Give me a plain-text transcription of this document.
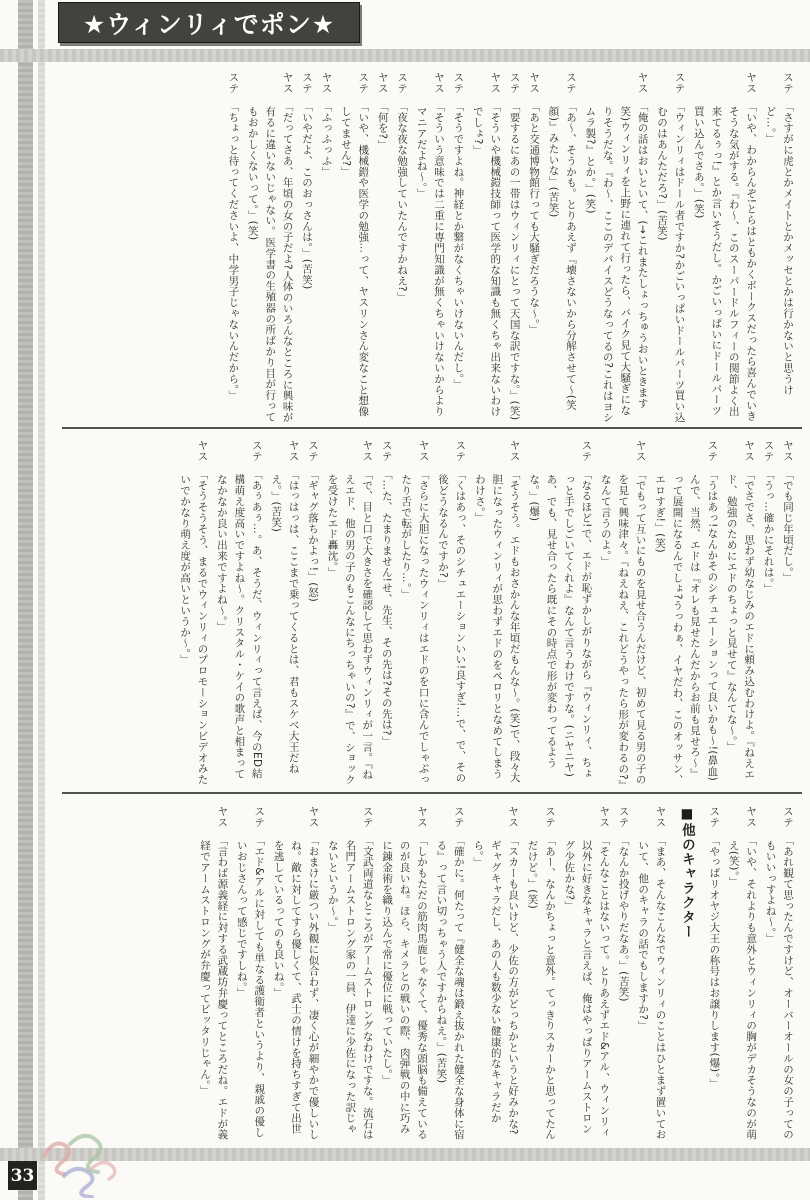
★ウィンリィでポン★

ステ「さすがに虎とかメイトとかメッセとかは行かないと思うけど…。」

ヤス「いや、わからんぞ!とらはともかくボークスだったら喜んでいきそうな気がする。『わ〜、このスーパードルフィーの関節よく出来てるぅっ!』とか言いそうだし。かごいっぱいにドールパーツ買い込んでさあ。」(笑)

ステ「ウィンリィはドール者ですか?かごいっぱいドールパーツ買い込むのはあんただろ?」(苦笑)

ヤス「俺の話はおいといて、(→これまたしょっちゅうおいときます 笑)ウィンリィを上野に連れて行ったら、バイク見て大騒ぎになりそうだな。『わ〜、ここのデバイスどうなってるの?これはヨシムラ製?』とか。」(笑)

ステ「あ〜、そうかも。とりあえず『壊さないから分解させて〜(笑顔)』みたいな」(苦笑)

ヤス「あと交通博物館行っても大騒ぎだろうな〜。」

ステ「要するにあの一帯はウィンリィにとって天国な訳ですな。」(笑)

ヤス「そういや機械鎧技師って医学的な知識も無くちゃ出来ないわけでしょ?」

ステ「そうですよね。神経とか繋がなくちゃいけないんだし。」

ヤス「そういう意味では二重に専門知識が無くちゃいけないからよりマニアだよね〜。」

ステ「夜な夜な勉強していたんですかねえ?」

ヤス「何を?」

ステ「いや、機械鎧や医学の勉強…って、ヤスリンさん変なこと想像してません?」

ヤス「ふっふっふ」

ステ「いやだよ、このおっさんは。」(苦笑)

ヤス「だってさあ、年頃の女の子だよ?人体のいろんなところに興味が有るに違いないじゃない。医学書の生殖器の所ばかり目が行ってもおかしくないって。」(笑)

ステ「ちょっと待ってくださいよ、中学男子じゃないんだから。」

ヤス「でも同じ年頃だし。」

ステ「うっ…確かにそれは。」

ヤス「でさでさ、思わず幼なじみのエドに頼み込むわけよ。『ねえエド、勉強のためにエドのちょっと見せて』なんてな〜。」

ステ「うはあっ!なんかそのシチュエーションって良いかも〜!(鼻血)んで、当然、エドは『オレも見せたんだからお前も見せろ〜』って展開になるんでしょ?うっわぁ、イヤだわ、このオッサン、エロすぎ!」(笑)

ヤス「でもって互いにものを見せ合うんだけど、初めて見る男の子のを見て興味津々。『ねえねえ、これどうやったら形が変わるの?』なんて言うのよ。」

ステ「なるほど!で、エドが恥ずかしがりながら『ウィンリィ、ちょっと手でしごいてくれよ』なんて言うわけですな。(ニヤニヤ)あ、でも、見せ合ったら既にその時点で形が変わってるような。」(爆)

ヤス「そうそう。エドもおさかんな年頃だもんな〜。(笑)で、段々大胆になったウィンリィが思わずエドのをペロリとなめてしまうわけさ。」

ステ「くはあっ、そのシチュエーションいい!良すぎ!…で、で、その後どうなるんですか?」

ヤス「さらに大胆になったウィンリィはエドのを口に含んでしゃぶったり舌で転がしたり…。」

ステ「…た、たまりません!せ、先生、その先は?その先は?」

ヤス「で、目と口で大きさを確認して思わずウィンリィが一言。『ねえエド、他の男の子のもこんなにちっちゃいの?』で、ショックを受けたエド轟沈。」

ステ「ギャグ落ちかよっ!」(怒)

ヤス「はっはっは、ここまで乗ってくるとは、君もスケベ大王だねえ。」(苦笑)

ステ「あぅあぅ…。あ、そうだ、ウィンリィって言えば、今のED結構萌え度高いですよね〜。クリスタル・ケイの歌声と相まってなかなか良い出来ですよね〜。」

ヤス「そうそうそう、まるでウィンリィのプロモーションビデオみたいでかなり萌え度が高いというか〜。」

ステ「あれ観て思ったんですけど、オーバーオールの女の子ってのもいいっすよね〜。」

ヤス「いや、それよりも意外とウィンリィの胸がデカそうなのが萌え(笑)。」

ステ「やっぱリオヤジ大王の称号はお譲りします(爆)。」

■他のキャラクター

ヤス「まあ、そんなこんなでウィンリィのことはひとまず置いておいて、他のキャラの話でもしますか?」

ステ「なんか投げやりだなあ。」(苦笑)

ヤス「そんなことはないって。とりあえずエド&アル、ウィンリィ以外に好きなキャラと言えば、俺はやっぱりアームストロング少佐かな?」

ステ「あー、なんかちょっと意外。てっきりスカーかと思ってたんだけど。」(笑)

ヤス「スカーも良いけど、少佐の方がどっちかというと好みかな?ギャグキャラだし、あの人も数少ない健康的なキャラだから。」

ステ「確かに。何たって『健全な魂は鍛え抜かれた健全な身体に宿る』って言い切っちゃう人ですからねえ。」(苦笑)

ヤス「しかもただの筋肉馬鹿じゃなくて、優秀な頭脳も備えているのが良いね。ほら、キメラとの戦いの際、肉弾戦の中に巧みに錬金術を織り込んで常に優位に戦っていたし。」

ステ「文武両道なところがアームストロングなわけですな。流石は名門アームストロング家の一員、伊達に少佐になった訳じゃないというか〜。」

ヤス「おまけに厳つい外観に似合わず、凄く心が細やかで優しいしね。敵に対してすら優しくて、武士の情けを持ちすぎて出世を逃しているってのも良いね。」

ステ「エド&アルに対しても単なる護衛者というより、親戚の優しいおじさんって感じですしね。」

ヤス「言わば源義経に対する武蔵坊弁慶ってところだね。エドが義経でアームストロングが弁慶ってピッタリじゃん。」

33
